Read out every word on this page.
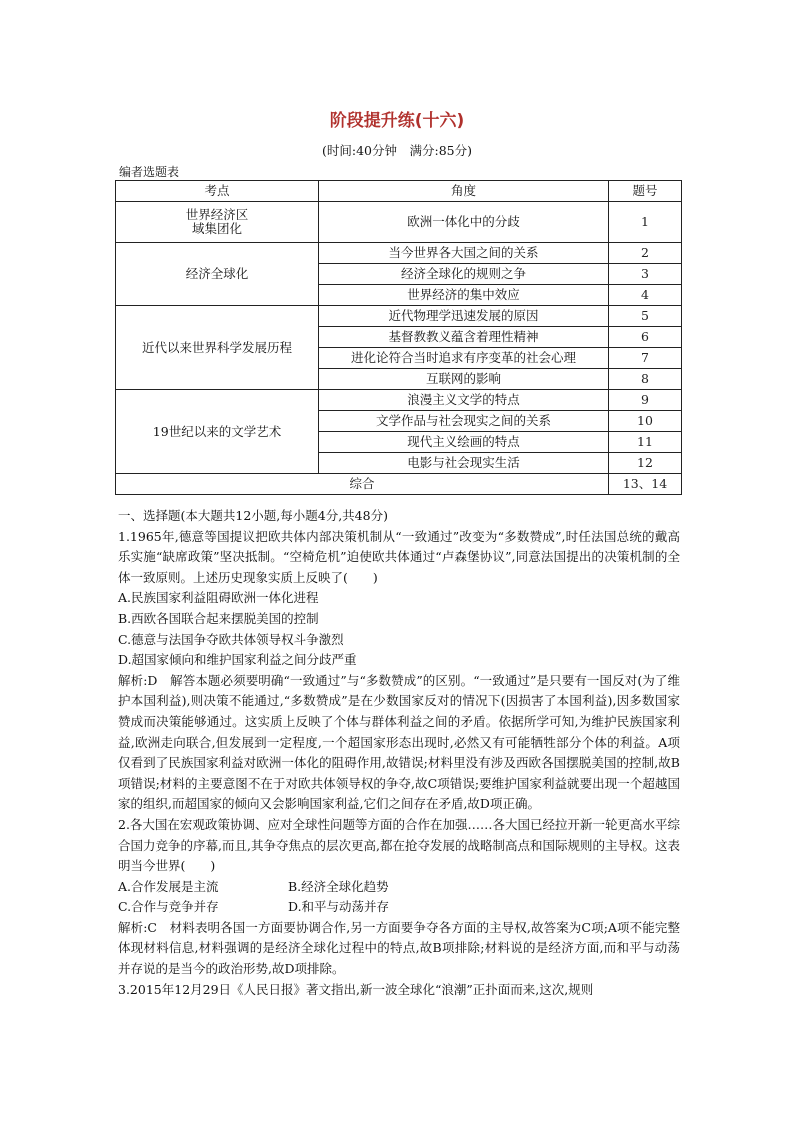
阶段提升练(十六)
(时间:40分钟　满分:85分)
编者选题表
考点	角度	题号
世界经济区
域集团化	欧洲一体化中的分歧	1
经济全球化	当今世界各大国之间的关系	2
	经济全球化的规则之争	3
	世界经济的集中效应	4
近代以来世界科学发展历程	近代物理学迅速发展的原因	5
	基督教教义蕴含着理性精神	6
	进化论符合当时追求有序变革的社会心理	7
	互联网的影响	8
19世纪以来的文学艺术	浪漫主义文学的特点	9
	文学作品与社会现实之间的关系	10
	现代主义绘画的特点	11
	电影与社会现实生活	12
综合		13、14

一、选择题(本大题共12小题,每小题4分,共48分)

1.1965年,德意等国提议把欧共体内部决策机制从“一致通过”改变为“多数赞成”,时任法国总统的戴高乐实施“缺席政策”坚决抵制。“空椅危机”迫使欧共体通过“卢森堡协议”,同意法国提出的决策机制的全体一致原则。上述历史现象实质上反映了(　　)

A.民族国家利益阻碍欧洲一体化进程

B.西欧各国联合起来摆脱美国的控制

C.德意与法国争夺欧共体领导权斗争激烈

D.超国家倾向和维护国家利益之间分歧严重

解析:D　解答本题必须要明确“一致通过”与“多数赞成”的区别。“一致通过”是只要有一国反对(为了维护本国利益),则决策不能通过,“多数赞成”是在少数国家反对的情况下(因损害了本国利益),因多数国家赞成而决策能够通过。这实质上反映了个体与群体利益之间的矛盾。依据所学可知,为维护民族国家利益,欧洲走向联合,但发展到一定程度,一个超国家形态出现时,必然又有可能牺牲部分个体的利益。A项仅看到了民族国家利益对欧洲一体化的阻碍作用,故错误;材料里没有涉及西欧各国摆脱美国的控制,故B项错误;材料的主要意图不在于对欧共体领导权的争夺,故C项错误;要维护国家利益就要出现一个超越国家的组织,而超国家的倾向又会影响国家利益,它们之间存在矛盾,故D项正确。

2.各大国在宏观政策协调、应对全球性问题等方面的合作在加强……各大国已经拉开新一轮更高水平综合国力竞争的序幕,而且,其争夺焦点的层次更高,都在抢夺发展的战略制高点和国际规则的主导权。这表明当今世界(　　)

A.合作发展是主流	B.经济全球化趋势

C.合作与竞争并存	D.和平与动荡并存

解析:C　材料表明各国一方面要协调合作,另一方面要争夺各方面的主导权,故答案为C项;A项不能完整体现材料信息,材料强调的是经济全球化过程中的特点,故B项排除;材料说的是经济方面,而和平与动荡并存说的是当今的政治形势,故D项排除。

3.2015年12月29日《人民日报》著文指出,新一波全球化“浪潮”正扑面而来,这次,规则
